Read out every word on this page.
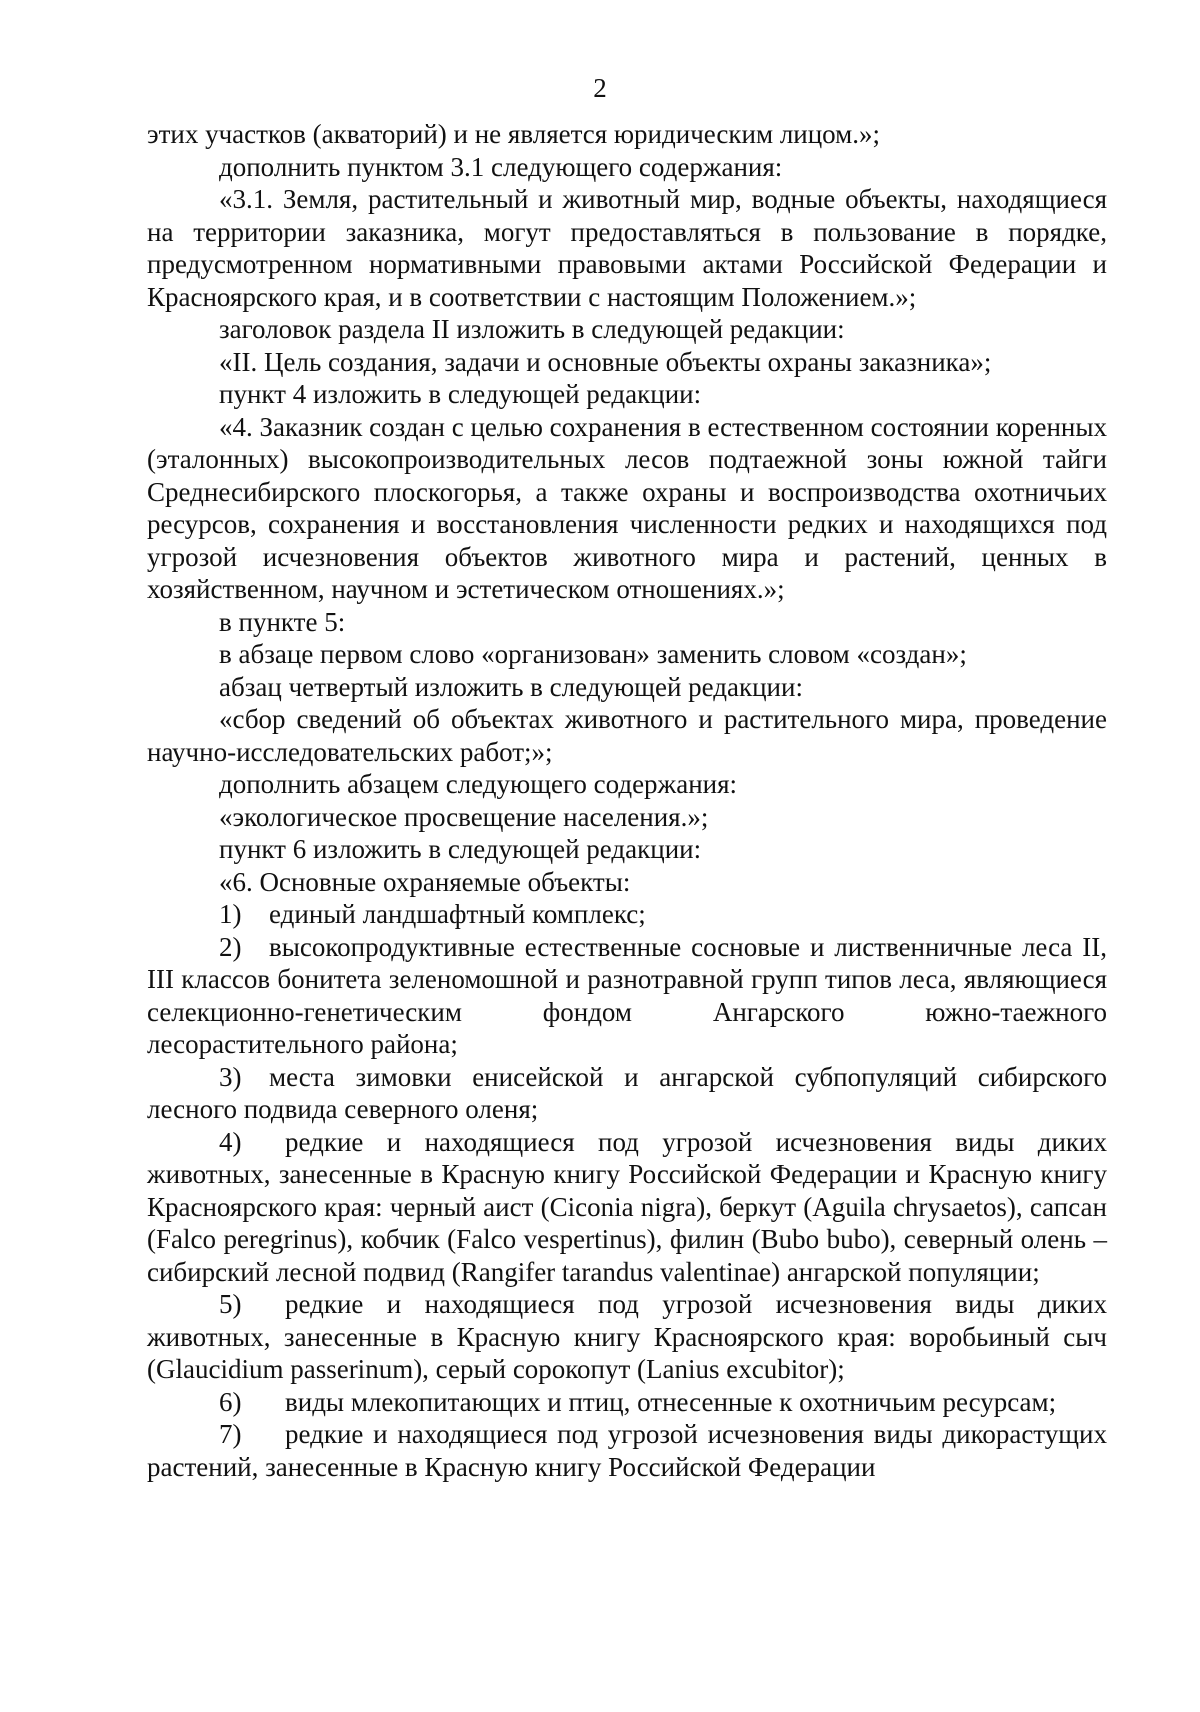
2

этих участков (акваторий) и не является юридическим лицом.»;

дополнить пунктом 3.1 следующего содержания:

«3.1. Земля, растительный и животный мир, водные объекты, находящиеся на территории заказника, могут предоставляться в пользование в порядке, предусмотренном нормативными правовыми актами Российской Федерации и Красноярского края, и в соответствии с настоящим Положением.»;

заголовок раздела II изложить в следующей редакции:

«II. Цель создания, задачи и основные объекты охраны заказника»;

пункт 4 изложить в следующей редакции:

«4. Заказник создан с целью сохранения в естественном состоянии коренных (эталонных) высокопроизводительных лесов подтаежной зоны южной тайги Среднесибирского плоскогорья, а также охраны и воспроизводства охотничьих ресурсов, сохранения и восстановления численности редких и находящихся под угрозой исчезновения объектов животного мира и растений, ценных в хозяйственном, научном и эстетическом отношениях.»;

в пункте 5:

в абзаце первом слово «организован» заменить словом «создан»;

абзац четвертый изложить в следующей редакции:

«сбор сведений об объектах животного и растительного мира, проведение научно-исследовательских работ;»;

дополнить абзацем следующего содержания:

«экологическое просвещение населения.»;

пункт 6 изложить в следующей редакции:

«6. Основные охраняемые объекты:

1) единый ландшафтный комплекс;

2) высокопродуктивные естественные сосновые и лиственничные леса II, III классов бонитета зеленомошной и разнотравной групп типов леса, являющиеся селекционно-генетическим фондом Ангарского южно-таежного лесорастительного района;

3) места зимовки енисейской и ангарской субпопуляций сибирского лесного подвида северного оленя;

4) редкие и находящиеся под угрозой исчезновения виды диких животных, занесенные в Красную книгу Российской Федерации и Красную книгу Красноярского края: черный аист (Ciconia nigra), беркут (Aguila chrysaetos), сапсан (Falco peregrinus), кобчик (Falco vespertinus), филин (Bubo bubo), северный олень – сибирский лесной подвид (Rangifer tarandus valentinae) ангарской популяции;

5) редкие и находящиеся под угрозой исчезновения виды диких животных, занесенные в Красную книгу Красноярского края: воробьиный сыч (Glaucidium passerinum), серый сорокопут (Lanius excubitor);

6) виды млекопитающих и птиц, отнесенные к охотничьим ресурсам;

7) редкие и находящиеся под угрозой исчезновения виды дикорастущих растений, занесенные в Красную книгу Российской Федерации
